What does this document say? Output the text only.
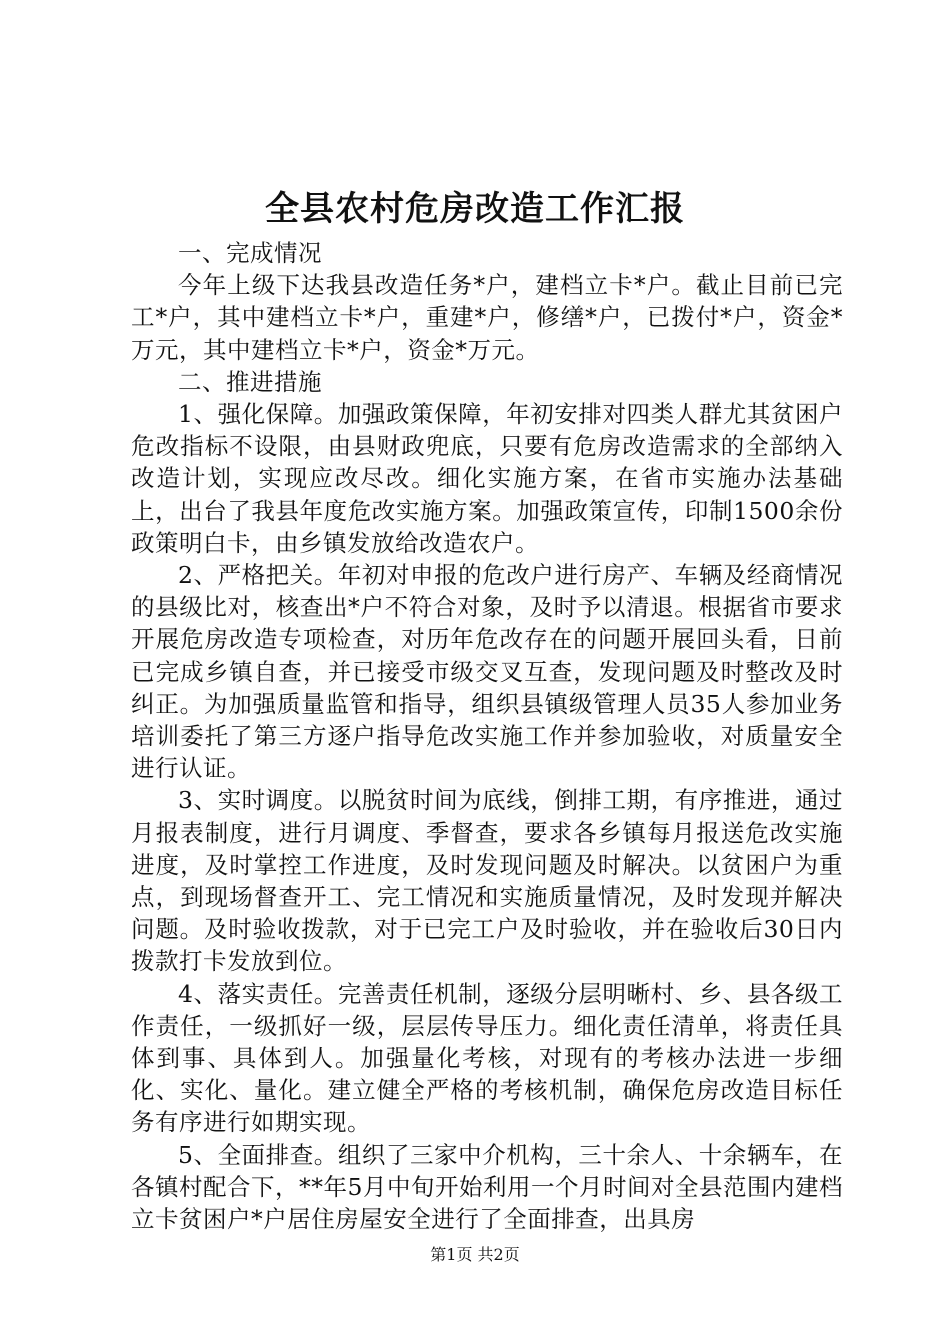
全县农村危房改造工作汇报

一、完成情况

今年上级下达我县改造任务*户，建档立卡*户。截止目前已完工*户，其中建档立卡*户，重建*户，修缮*户，已拨付*户，资金*万元，其中建档立卡*户，资金*万元。

二、推进措施

1、强化保障。加强政策保障，年初安排对四类人群尤其贫困户危改指标不设限，由县财政兜底，只要有危房改造需求的全部纳入改造计划，实现应改尽改。细化实施方案，在省市实施办法基础上，出台了我县年度危改实施方案。加强政策宣传，印制1500余份政策明白卡，由乡镇发放给改造农户。

2、严格把关。年初对申报的危改户进行房产、车辆及经商情况的县级比对，核查出*户不符合对象，及时予以清退。根据省市要求开展危房改造专项检查，对历年危改存在的问题开展回头看，日前已完成乡镇自查，并已接受市级交叉互查，发现问题及时整改及时纠正。为加强质量监管和指导，组织县镇级管理人员35人参加业务培训委托了第三方逐户指导危改实施工作并参加验收，对质量安全进行认证。

3、实时调度。以脱贫时间为底线，倒排工期，有序推进，通过月报表制度，进行月调度、季督查，要求各乡镇每月报送危改实施进度，及时掌控工作进度，及时发现问题及时解决。以贫困户为重点，到现场督查开工、完工情况和实施质量情况，及时发现并解决问题。及时验收拨款，对于已完工户及时验收，并在验收后30日内拨款打卡发放到位。

4、落实责任。完善责任机制，逐级分层明晰村、乡、县各级工作责任，一级抓好一级，层层传导压力。细化责任清单，将责任具体到事、具体到人。加强量化考核，对现有的考核办法进一步细化、实化、量化。建立健全严格的考核机制，确保危房改造目标任务有序进行如期实现。

5、全面排查。组织了三家中介机构，三十余人、十余辆车，在各镇村配合下，**年5月中旬开始利用一个月时间对全县范围内建档立卡贫困户*户居住房屋安全进行了全面排查，出具房

第1页 共2页
